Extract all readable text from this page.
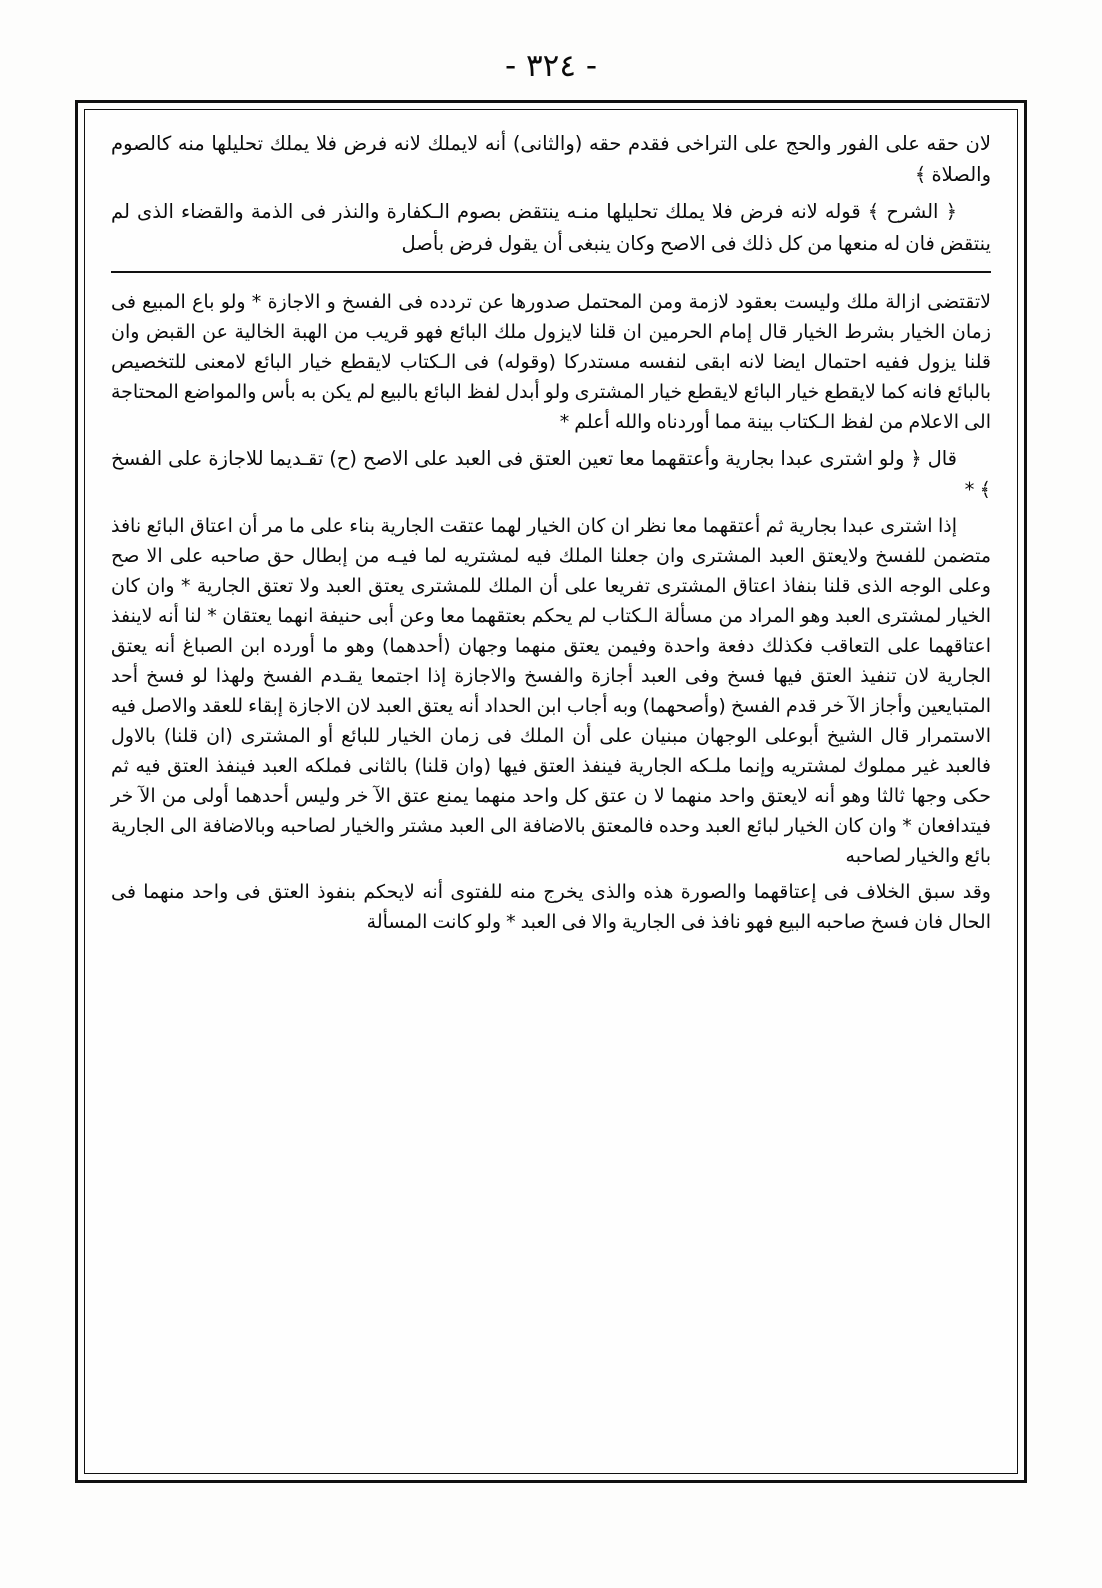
- ٣٢٤ -

لان حقه على الفور والحج على التراخى فقدم حقه (والثانى) أنه لايملك لانه فرض فلا يملك تحليلها منه كالصوم والصلاة ﴾

﴿ الشرح ﴾ قوله لانه فرض فلا يملك تحليلها منـه ينتقض بصوم الـكفارة والنذر فى الذمة والقضاء الذى لم ينتقض فان له منعها من كل ذلك فى الاصح وكان ينبغى أن يقول فرض بأصل

لاتقتضى ازالة ملك وليست بعقود لازمة ومن المحتمل صدورها عن تردده فى الفسخ و الاجازة * ولو باع المبيع فى زمان الخيار بشرط الخيار قال إمام الحرمين ان قلنا لايزول ملك البائع فهو قريب من الهبة الخالية عن القبض وان قلنا يزول ففيه احتمال ايضا لانه ابقى لنفسه مستدركا (وقوله) فى الـكتاب لايقطع خيار البائع لامعنى للتخصيص بالبائع فانه كما لايقطع خيار البائع لايقطع خيار المشترى ولو أبدل لفظ البائع بالبيع لم يكن به بأس والمواضع المحتاجة الى الاعلام من لفظ الـكتاب بينة مما أوردناه والله أعلم *

قال ﴿ ولو اشترى عبدا بجارية وأعتقهما معا تعين العتق فى العبد على الاصح (ح) تقـديما للاجازة على الفسخ ﴾ *

إذا اشترى عبدا بجارية ثم أعتقهما معا نظر ان كان الخيار لهما عتقت الجارية بناء على ما مر أن اعتاق البائع نافذ متضمن للفسخ ولايعتق العبد المشترى وان جعلنا الملك فيه لمشتريه لما فيـه من إبطال حق صاحبه على الا صح وعلى الوجه الذى قلنا بنفاذ اعتاق المشترى تفريعا على أن الملك للمشترى يعتق العبد ولا تعتق الجارية * وان كان الخيار لمشترى العبد وهو المراد من مسألة الـكتاب لم يحكم بعتقهما معا وعن أبى حنيفة انهما يعتقان * لنا أنه لاينفذ اعتاقهما على التعاقب فكذلك دفعة واحدة وفيمن يعتق منهما وجهان (أحدهما) وهو ما أورده ابن الصباغ أنه يعتق الجارية لان تنفيذ العتق فيها فسخ وفى العبد أجازة والفسخ والاجازة إذا اجتمعا يقـدم الفسخ ولهذا لو فسخ أحد المتبايعين وأجاز الآ خر قدم الفسخ (وأصحهما) وبه أجاب ابن الحداد أنه يعتق العبد لان الاجازة إبقاء للعقد والاصل فيه الاستمرار قال الشيخ أبوعلى الوجهان مبنيان على أن الملك فى زمان الخيار للبائع أو المشترى (ان قلنا) بالاول فالعبد غير مملوك لمشتريه وإنما ملـكه الجارية فينفذ العتق فيها (وان قلنا) بالثانى فملكه العبد فينفذ العتق فيه ثم حكى وجها ثالثا وهو أنه لايعتق واحد منهما لا ن عتق كل واحد منهما يمنع عتق الآ خر وليس أحدهما أولى من الآ خر فيتدافعان * وان كان الخيار لبائع العبد وحده فالمعتق بالاضافة الى العبد مشتر والخيار لصاحبه وبالاضافة الى الجارية بائع والخيار لصاحبه

وقد سبق الخلاف فى إعتاقهما والصورة هذه والذى يخرج منه للفتوى أنه لايحكم بنفوذ العتق فى واحد منهما فى الحال فان فسخ صاحبه البيع فهو نافذ فى الجارية والا فى العبد * ولو كانت المسألة
